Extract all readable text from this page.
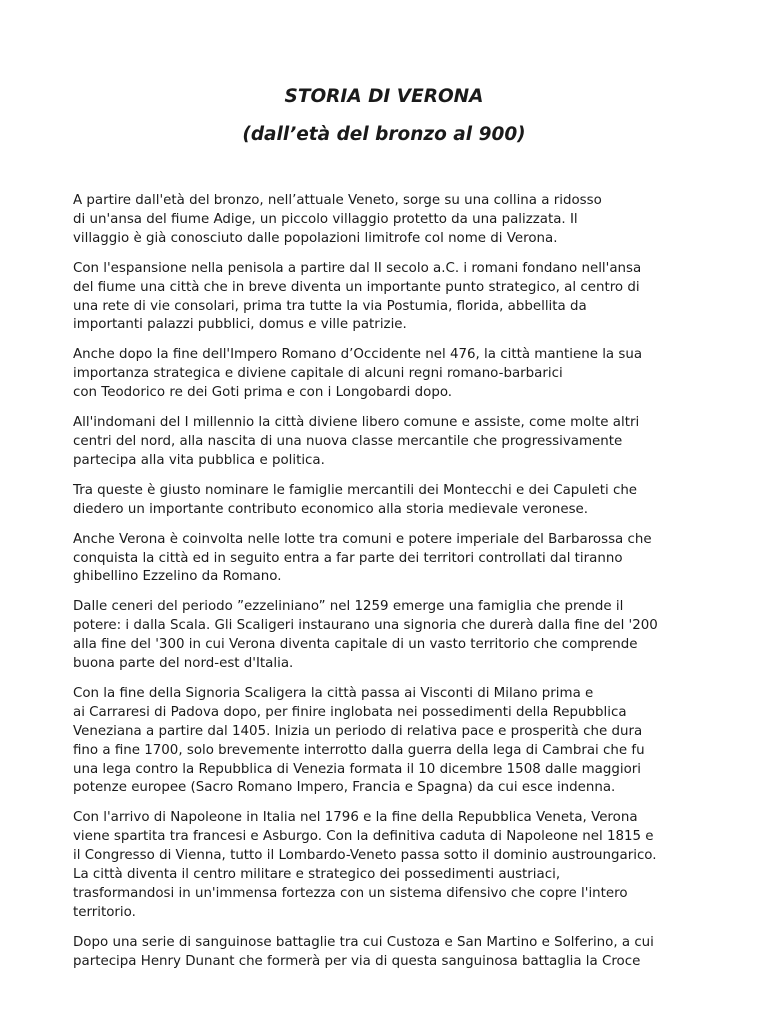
STORIA DI VERONA
(dall’età del bronzo al 900)

A partire dall'età del bronzo, nell’attuale Veneto, sorge su una collina a ridosso
di un'ansa del fiume Adige, un piccolo villaggio protetto da una palizzata. Il
villaggio è già conosciuto dalle popolazioni limitrofe col nome di Verona.

Con l'espansione nella penisola a partire dal II secolo a.C. i romani fondano nell'ansa
del fiume una città che in breve diventa un importante punto strategico, al centro di
una rete di vie consolari, prima tra tutte la via Postumia, florida, abbellita da
importanti palazzi pubblici, domus e ville patrizie.

Anche dopo la fine dell'Impero Romano d’Occidente nel 476, la città mantiene la sua
importanza strategica e diviene capitale di alcuni regni romano-barbarici
con Teodorico re dei Goti prima e con i Longobardi dopo.

All'indomani del I millennio la città diviene libero comune e assiste, come molte altri
centri del nord, alla nascita di una nuova classe mercantile che progressivamente
partecipa alla vita pubblica e politica.

Tra queste è giusto nominare le famiglie mercantili dei Montecchi e dei Capuleti che
diedero un importante contributo economico alla storia medievale veronese.

Anche Verona è coinvolta nelle lotte tra comuni e potere imperiale del Barbarossa che
conquista la città ed in seguito entra a far parte dei territori controllati dal tiranno
ghibellino Ezzelino da Romano.

Dalle ceneri del periodo ”ezzeliniano” nel 1259 emerge una famiglia che prende il
potere: i dalla Scala. Gli Scaligeri instaurano una signoria che durerà dalla fine del '200
alla fine del '300 in cui Verona diventa capitale di un vasto territorio che comprende
buona parte del nord-est d'Italia.

Con la fine della Signoria Scaligera la città passa ai Visconti di Milano prima e
ai Carraresi di Padova dopo, per finire inglobata nei possedimenti della Repubblica
Veneziana a partire dal 1405. Inizia un periodo di relativa pace e prosperità che dura
fino a fine 1700, solo brevemente interrotto dalla guerra della lega di Cambrai che fu
una lega contro la Repubblica di Venezia formata il 10 dicembre 1508 dalle maggiori
potenze europee (Sacro Romano Impero, Francia e Spagna) da cui esce indenna.

Con l'arrivo di Napoleone in Italia nel 1796 e la fine della Repubblica Veneta, Verona
viene spartita tra francesi e Asburgo. Con la definitiva caduta di Napoleone nel 1815 e
il Congresso di Vienna, tutto il Lombardo-Veneto passa sotto il dominio austroungarico.
La città diventa il centro militare e strategico dei possedimenti austriaci,
trasformandosi in un'immensa fortezza con un sistema difensivo che copre l'intero
territorio.

Dopo una serie di sanguinose battaglie tra cui Custoza e San Martino e Solferino, a cui
partecipa Henry Dunant che formerà per via di questa sanguinosa battaglia la Croce
